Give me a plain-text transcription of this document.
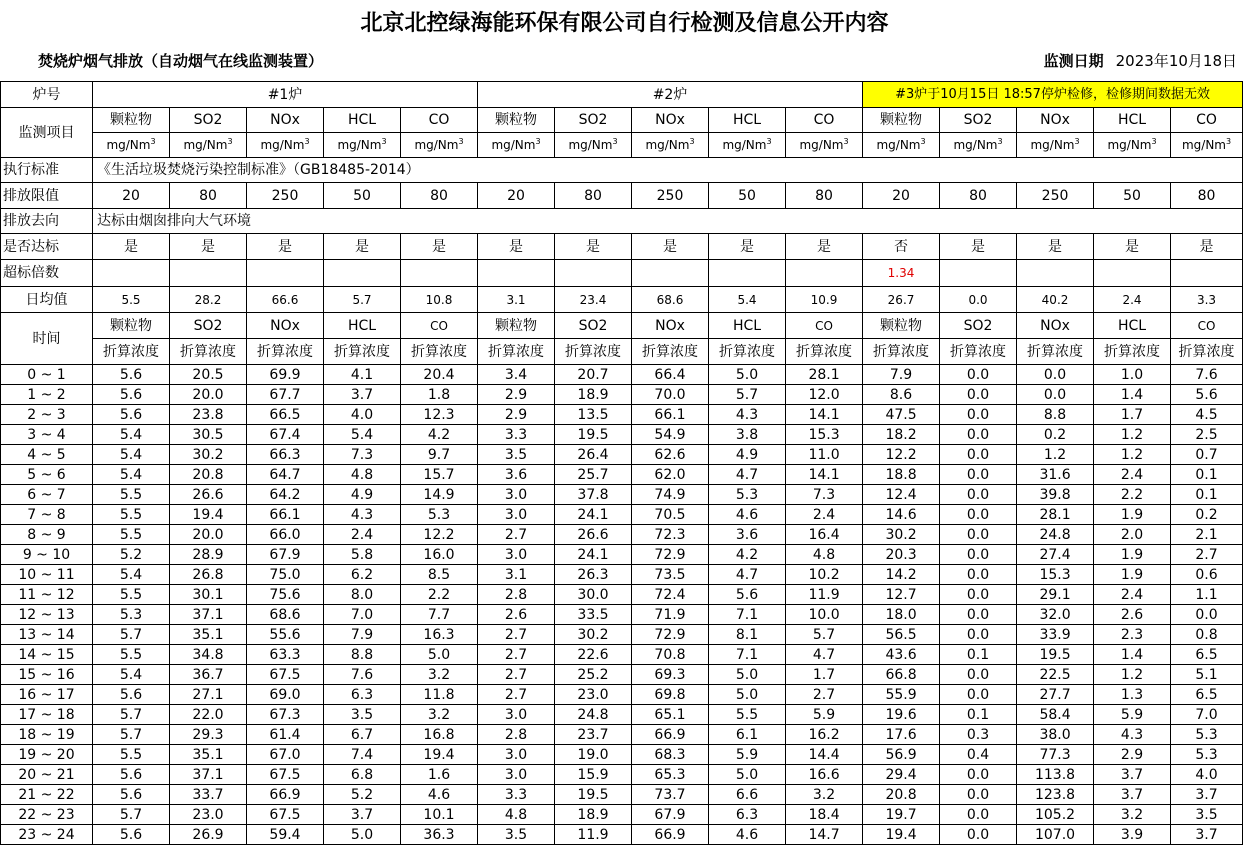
北京北控绿海能环保有限公司自行检测及信息公开内容
焚烧炉烟气排放（自动烟气在线监测装置）	监测日期 2023年10月18日
炉号	#1炉					#2炉					#3炉于10月15日 18:57停炉检修，检修期间数据无效				
监测项目	颗粒物	SO2	NOx	HCL	CO	颗粒物	SO2	NOx	HCL	CO	颗粒物	SO2	NOx	HCL	CO
	mg/Nm$^3$	mg/Nm$^3$	mg/Nm$^3$	mg/Nm$^3$	mg/Nm$^3$	mg/Nm$^3$	mg/Nm$^3$	mg/Nm$^3$	mg/Nm$^3$	mg/Nm$^3$	mg/Nm$^3$	mg/Nm$^3$	mg/Nm$^3$	mg/Nm$^3$	mg/Nm$^3$
执行标准	《生活垃圾焚烧污染控制标准》（GB18485-2014）														
排放限值	20	80	250	50	80	20	80	250	50	80	20	80	250	50	80
排放去向	达标由烟囱排向大气环境														
是否达标	是	是	是	是	是	是	是	是	是	是	否	是	是	是	是
超标倍数											1.34				
日均值	5.5	28.2	66.6	5.7	10.8	3.1	23.4	68.6	5.4	10.9	26.7	0.0	40.2	2.4	3.3
时间	颗粒物	SO2	NOx	HCL	CO	颗粒物	SO2	NOx	HCL	CO	颗粒物	SO2	NOx	HCL	CO
	折算浓度	折算浓度	折算浓度	折算浓度	折算浓度	折算浓度	折算浓度	折算浓度	折算浓度	折算浓度	折算浓度	折算浓度	折算浓度	折算浓度	折算浓度
0 ~ 1	5.6	20.5	69.9	4.1	20.4	3.4	20.7	66.4	5.0	28.1	7.9	0.0	0.0	1.0	7.6
1 ~ 2	5.6	20.0	67.7	3.7	1.8	2.9	18.9	70.0	5.7	12.0	8.6	0.0	0.0	1.4	5.6
2 ~ 3	5.6	23.8	66.5	4.0	12.3	2.9	13.5	66.1	4.3	14.1	47.5	0.0	8.8	1.7	4.5
3 ~ 4	5.4	30.5	67.4	5.4	4.2	3.3	19.5	54.9	3.8	15.3	18.2	0.0	0.2	1.2	2.5
4 ~ 5	5.4	30.2	66.3	7.3	9.7	3.5	26.4	62.6	4.9	11.0	12.2	0.0	1.2	1.2	0.7
5 ~ 6	5.4	20.8	64.7	4.8	15.7	3.6	25.7	62.0	4.7	14.1	18.8	0.0	31.6	2.4	0.1
6 ~ 7	5.5	26.6	64.2	4.9	14.9	3.0	37.8	74.9	5.3	7.3	12.4	0.0	39.8	2.2	0.1
7 ~ 8	5.5	19.4	66.1	4.3	5.3	3.0	24.1	70.5	4.6	2.4	14.6	0.0	28.1	1.9	0.2
8 ~ 9	5.5	20.0	66.0	2.4	12.2	2.7	26.6	72.3	3.6	16.4	30.2	0.0	24.8	2.0	2.1
9 ~ 10	5.2	28.9	67.9	5.8	16.0	3.0	24.1	72.9	4.2	4.8	20.3	0.0	27.4	1.9	2.7
10 ~ 11	5.4	26.8	75.0	6.2	8.5	3.1	26.3	73.5	4.7	10.2	14.2	0.0	15.3	1.9	0.6
11 ~ 12	5.5	30.1	75.6	8.0	2.2	2.8	30.0	72.4	5.6	11.9	12.7	0.0	29.1	2.4	1.1
12 ~ 13	5.3	37.1	68.6	7.0	7.7	2.6	33.5	71.9	7.1	10.0	18.0	0.0	32.0	2.6	0.0
13 ~ 14	5.7	35.1	55.6	7.9	16.3	2.7	30.2	72.9	8.1	5.7	56.5	0.0	33.9	2.3	0.8
14 ~ 15	5.5	34.8	63.3	8.8	5.0	2.7	22.6	70.8	7.1	4.7	43.6	0.1	19.5	1.4	6.5
15 ~ 16	5.4	36.7	67.5	7.6	3.2	2.7	25.2	69.3	5.0	1.7	66.8	0.0	22.5	1.2	5.1
16 ~ 17	5.6	27.1	69.0	6.3	11.8	2.7	23.0	69.8	5.0	2.7	55.9	0.0	27.7	1.3	6.5
17 ~ 18	5.7	22.0	67.3	3.5	3.2	3.0	24.8	65.1	5.5	5.9	19.6	0.1	58.4	5.9	7.0
18 ~ 19	5.7	29.3	61.4	6.7	16.8	2.8	23.7	66.9	6.1	16.2	17.6	0.3	38.0	4.3	5.3
19 ~ 20	5.5	35.1	67.0	7.4	19.4	3.0	19.0	68.3	5.9	14.4	56.9	0.4	77.3	2.9	5.3
20 ~ 21	5.6	37.1	67.5	6.8	1.6	3.0	15.9	65.3	5.0	16.6	29.4	0.0	113.8	3.7	4.0
21 ~ 22	5.6	33.7	66.9	5.2	4.6	3.3	19.5	73.7	6.6	3.2	20.8	0.0	123.8	3.7	3.7
22 ~ 23	5.7	23.0	67.5	3.7	10.1	4.8	18.9	67.9	6.3	18.4	19.7	0.0	105.2	3.2	3.5
23 ~ 24	5.6	26.9	59.4	5.0	36.3	3.5	11.9	66.9	4.6	14.7	19.4	0.0	107.0	3.9	3.7
